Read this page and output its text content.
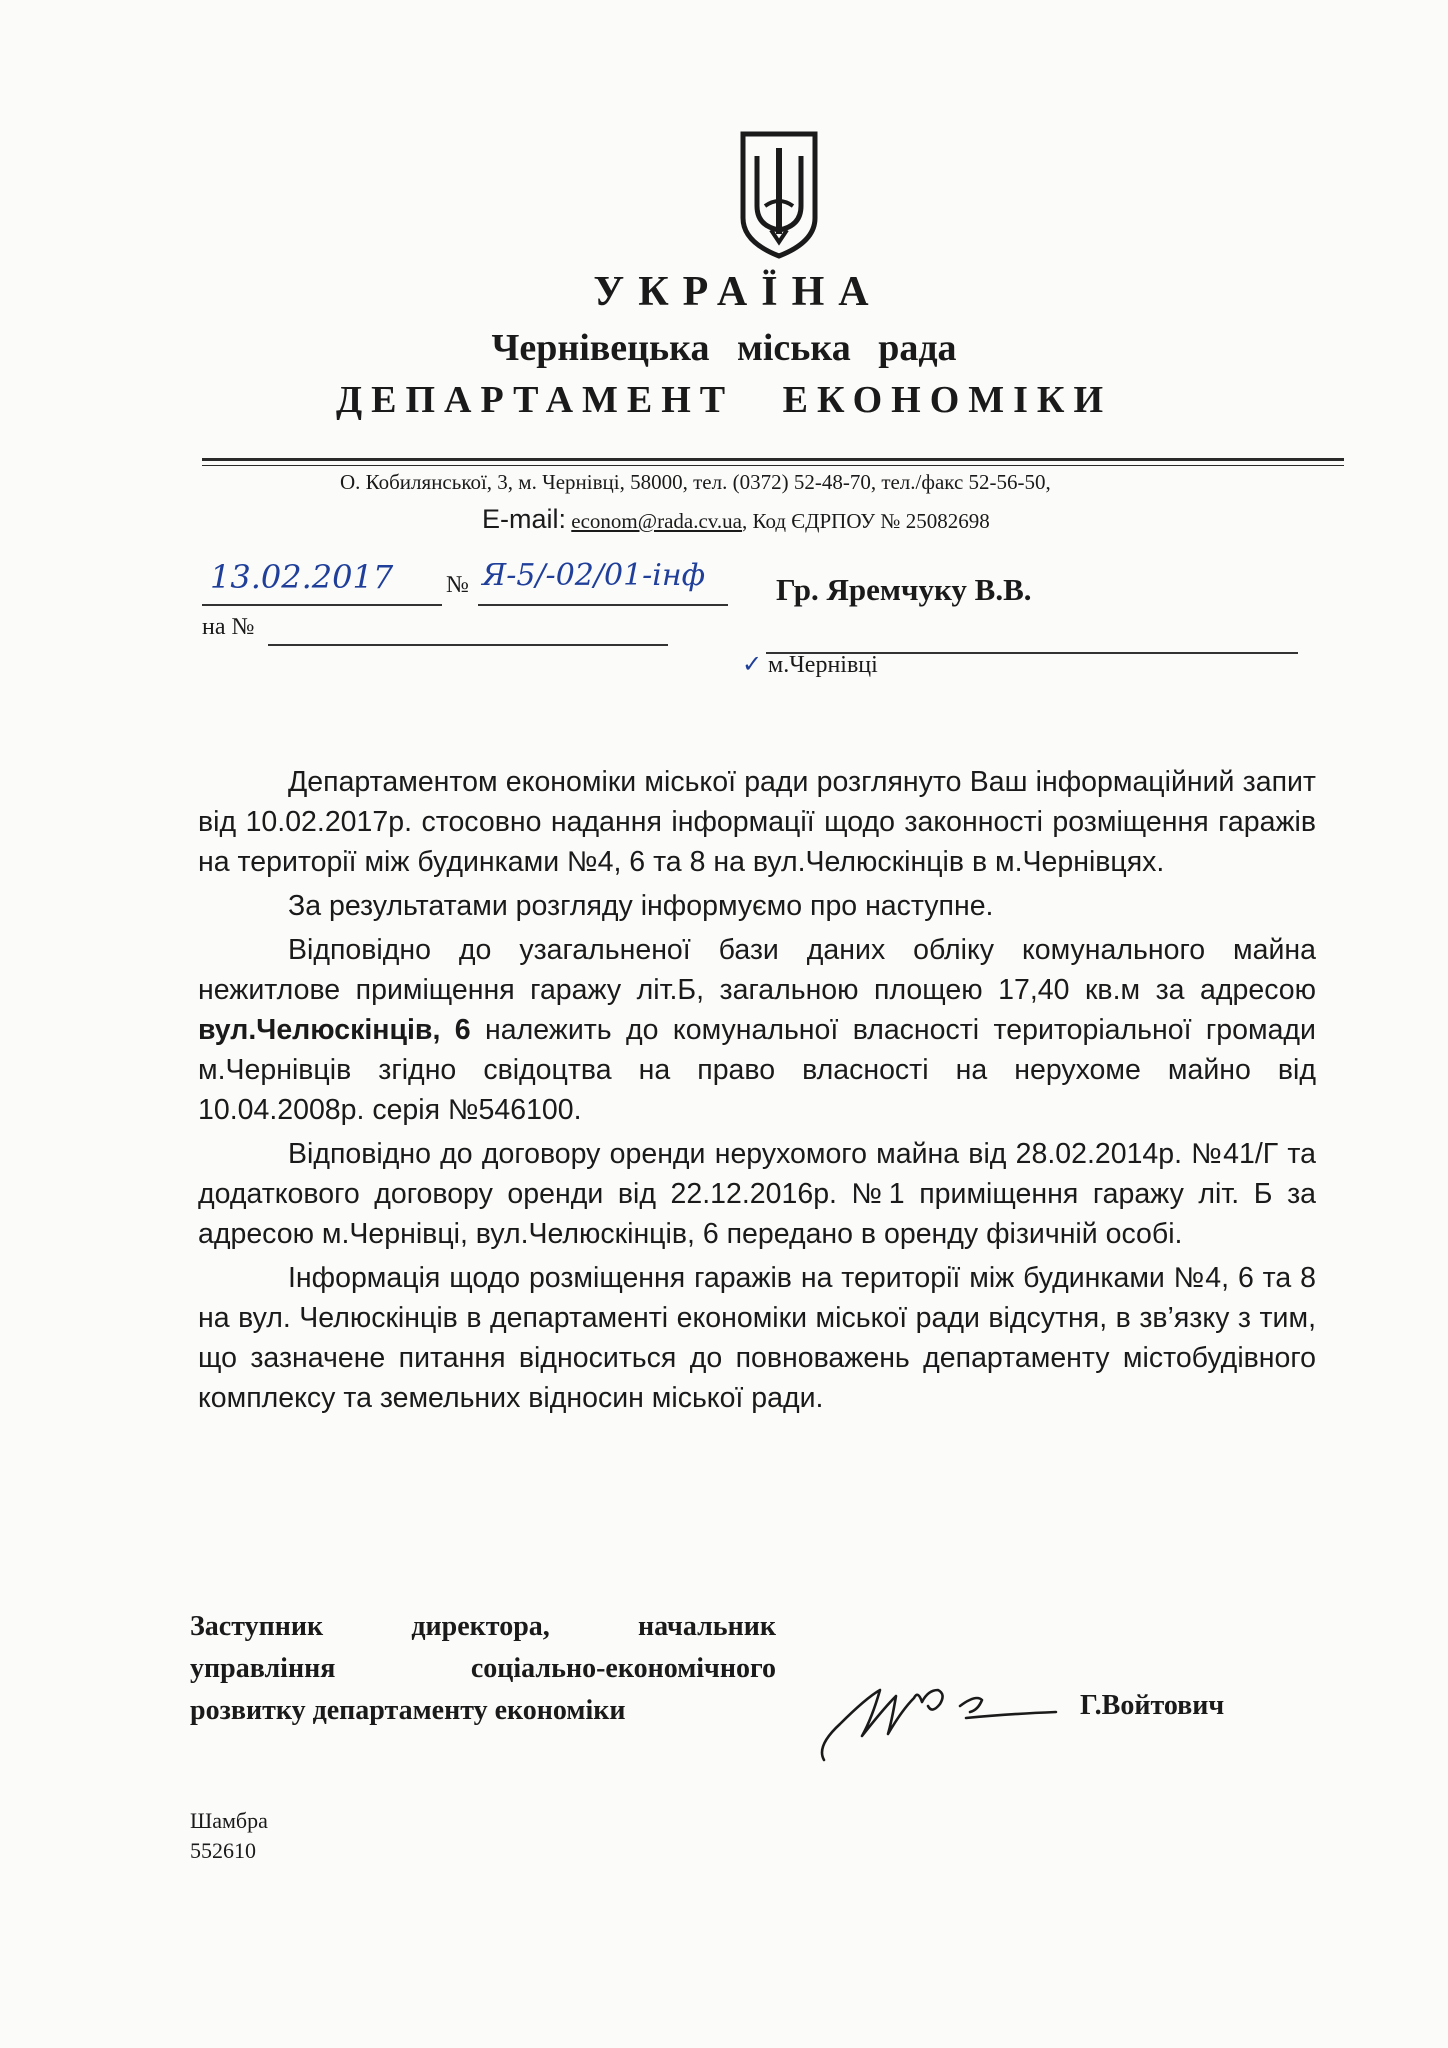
УКРАЇНА
Чернівецька міська рада
ДЕПАРТАМЕНТ ЕКОНОМІКИ
О. Кобилянської, 3, м. Чернівці, 58000, тел. (0372) 52-48-70, тел./факс 52-56-50,
E-mail: econom@rada.cv.ua, Код ЄДРПОУ № 25082698
13.02.2017 № Я-5/-02/01-інф
на №
Гр. Яремчуку В.В.
✓ м.Чернівці

Департаментом економіки міської ради розглянуто Ваш інформаційний запит від 10.02.2017р. стосовно надання інформації щодо законності розміщення гаражів на території між будинками №4, 6 та 8 на вул.Челюскінців в м.Чернівцях.

За результатами розгляду інформуємо про наступне.

Відповідно до узагальненої бази даних обліку комунального майна нежитлове приміщення гаражу літ.Б, загальною площею 17,40 кв.м за адресою вул.Челюскінців, 6 належить до комунальної власності територіальної громади м.Чернівців згідно свідоцтва на право власності на нерухоме майно від 10.04.2008р. серія №546100.

Відповідно до договору оренди нерухомого майна від 28.02.2014р. №41/Г та додаткового договору оренди від 22.12.2016р. №1 приміщення гаражу літ. Б за адресою м.Чернівці, вул.Челюскінців, 6 передано в оренду фізичній особі.

Інформація щодо розміщення гаражів на території між будинками №4, 6 та 8 на вул. Челюскінців в департаменті економіки міської ради відсутня, в зв’язку з тим, що зазначене питання відноситься до повноважень департаменту містобудівного комплексу та земельних відносин міської ради.

Заступник директора, начальник
управління соціально-економічного
розвитку департаменту економіки	Г.Войтович
Шамбра
552610
